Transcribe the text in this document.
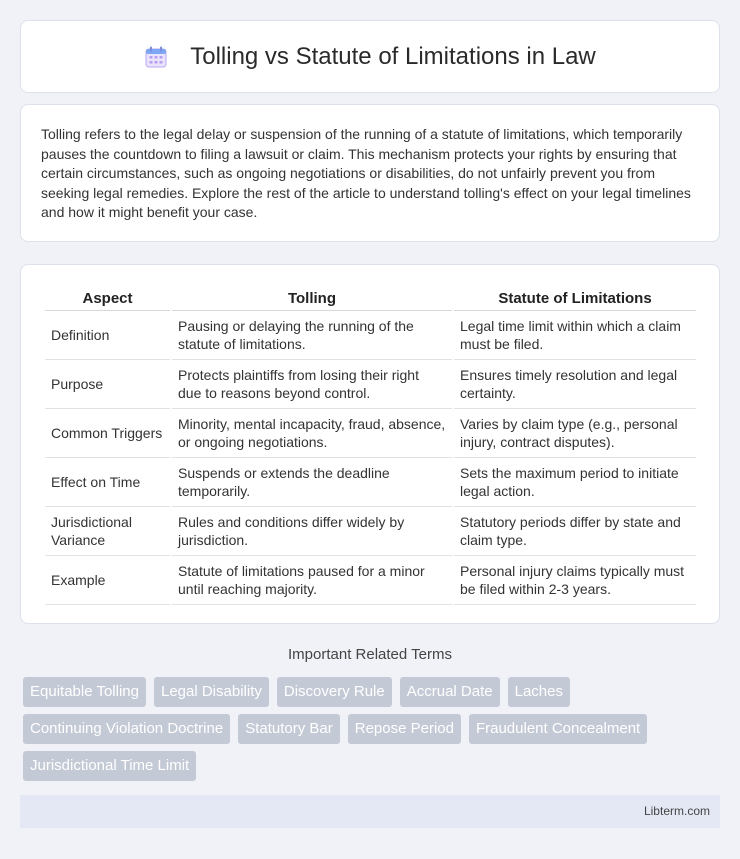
Tolling vs Statute of Limitations in Law

Tolling refers to the legal delay or suspension of the running of a statute of limitations, which temporarily pauses the countdown to filing a lawsuit or claim. This mechanism protects your rights by ensuring that certain circumstances, such as ongoing negotiations or disabilities, do not unfairly prevent you from seeking legal remedies. Explore the rest of the article to understand tolling's effect on your legal timelines and how it might benefit your case.

Aspect	Tolling	Statute of Limitations
Definition	Pausing or delaying the running of the statute of limitations.	Legal time limit within which a claim must be filed.
Purpose	Protects plaintiffs from losing their right due to reasons beyond control.	Ensures timely resolution and legal certainty.
Common Triggers	Minority, mental incapacity, fraud, absence, or ongoing negotiations.	Varies by claim type (e.g., personal injury, contract disputes).
Effect on Time	Suspends or extends the deadline temporarily.	Sets the maximum period to initiate legal action.
Jurisdictional Variance	Rules and conditions differ widely by jurisdiction.	Statutory periods differ by state and claim type.
Example	Statute of limitations paused for a minor until reaching majority.	Personal injury claims typically must be filed within 2-3 years.
Important Related Terms
Equitable Tolling	Legal Disability	Discovery Rule	Accrual Date	Laches
Continuing Violation Doctrine	Statutory Bar	Repose Period	Fraudulent Concealment
Jurisdictional Time Limit
Libterm.com
